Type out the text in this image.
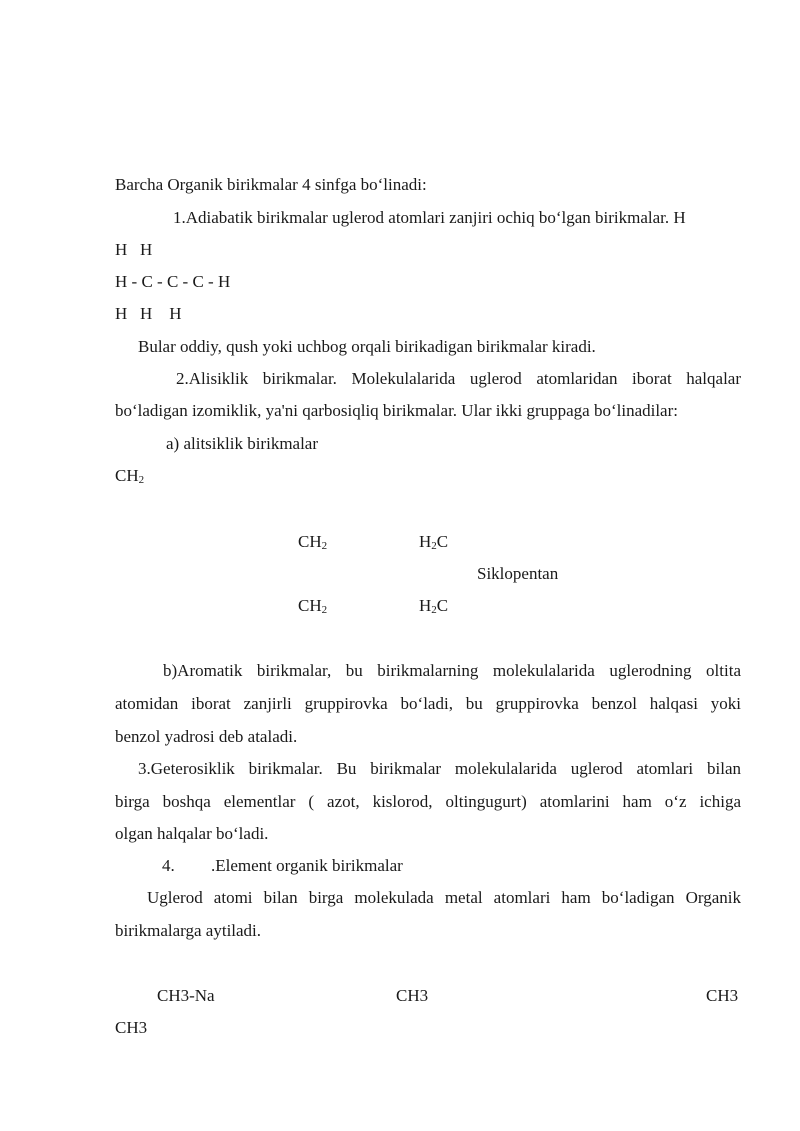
Barcha Organik birikmalar 4 sinfga bo‘linadi:
1.Adiabatik birikmalar uglerod atomlari zanjiri ochiq bo‘lgan birikmalar. H
H   H
H - C - C - C - H
H   H    H
Bular oddiy, qush yoki uchbog orqali birikadigan birikmalar kiradi.
2.Alisiklik birikmalar. Molekulalarida uglerod atomlaridan iborat halqalar
bo‘ladigan izomiklik, ya'ni qarbosiqliq birikmalar. Ular ikki gruppaga bo‘linadilar:
a) alitsiklik birikmalar
$CH_2$
$CH_2$	$H_2C$
Siklopentan
$CH_2$	$H_2C$
b)Aromatik birikmalar, bu birikmalarning molekulalarida uglerodning oltita
atomidan iborat zanjirli gruppirovka bo‘ladi, bu gruppirovka benzol halqasi yoki
benzol yadrosi deb ataladi.
3.Geterosiklik birikmalar. Bu birikmalar molekulalarida uglerod atomlari bilan
birga boshqa elementlar ( azot, kislorod, oltingugurt) atomlarini ham o‘z ichiga
olgan halqalar bo‘ladi.
4. .Element organik birikmalar
Uglerod atomi bilan birga molekulada metal atomlari ham bo‘ladigan Organik
birikmalarga aytiladi.
CH3-Na	CH3	CH3
CH3
